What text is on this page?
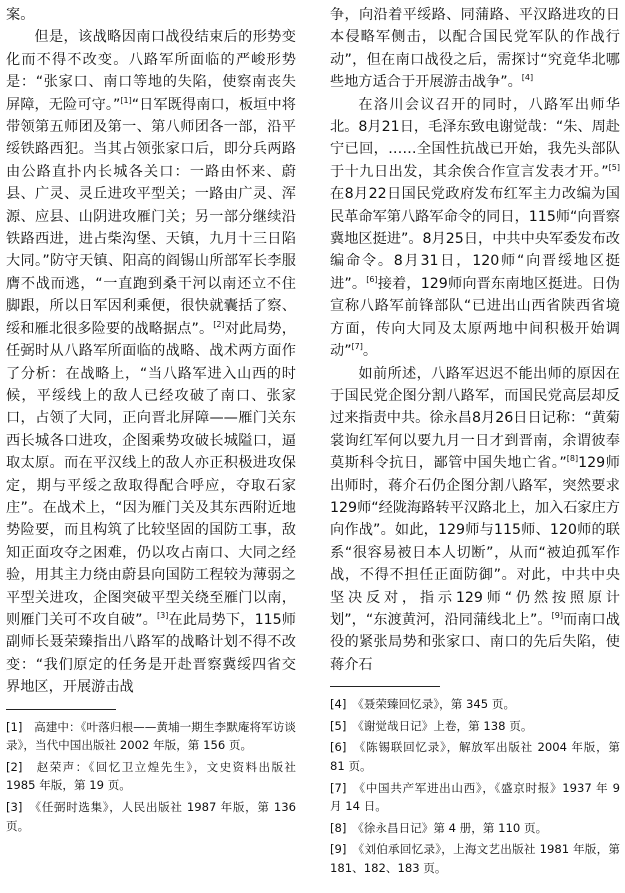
案。

但是，该战略因南口战役结束后的形势变化而不得不改变。八路军所面临的严峻形势是：“张家口、南口等地的失陷，使察南丧失屏障，无险可守。”[1]“日军既得南口，板垣中将带领第五师团及第一、第八师团各一部，沿平绥铁路西犯。当其占领张家口后，即分兵两路由公路直扑内长城各关口：一路由怀来、蔚县、广灵、灵丘进攻平型关；一路由广灵、浑源、应县、山阴进攻雁门关；另一部分继续沿铁路西进，进占柴沟堡、天镇，九月十三日陷大同。”防守天镇、阳高的阎锡山所部军长李服膺不战而逃，“一直跑到桑干河以南还立不住脚跟，所以日军因利乘便，很快就囊括了察、绥和雁北很多险要的战略据点”。[2]对此局势，任弼时从八路军所面临的战略、战术两方面作了分析：在战略上，“当八路军进入山西的时候，平绥线上的敌人已经攻破了南口、张家口，占领了大同，正向晋北屏障——雁门关东西长城各口进攻，企图乘势攻破长城隘口，逼取太原。而在平汉线上的敌人亦正积极进攻保定，期与平绥之敌取得配合呼应，夺取石家庄”。在战术上，“因为雁门关及其东西附近地势险要，而且构筑了比较坚固的国防工事，敌知正面攻夺之困难，仍以攻占南口、大同之经验，用其主力绕由蔚县向国防工程较为薄弱之平型关进攻，企图突破平型关绕至雁门以南，则雁门关可不攻自破”。[3]在此局势下，115师副师长聂荣臻指出八路军的战略计划不得不改变：“我们原定的任务是开赴晋察冀绥四省交界地区，开展游击战

[1]　高建中：《叶落归根——黄埔一期生李默庵将军访谈录》，当代中国出版社 2002 年版，第 156 页。

[2]　赵荣声：《回忆卫立煌先生》，文史资料出版社 1985 年版，第 19 页。

[3]　《任弼时选集》，人民出版社 1987 年版，第 136 页。

争，向沿着平绥路、同蒲路、平汉路进攻的日本侵略军侧击，以配合国民党军队的作战行动”，但在南口战役之后，需探讨“究竟华北哪些地方适合于开展游击战争”。[4]

在洛川会议召开的同时，八路军出师华北。8月21日，毛泽东致电谢觉哉：“朱、周赴宁已回，……全国性抗战已开始，我先头部队于十九日出发，其余俟合作宣言发表才开。”[5]在8月22日国民党政府发布红军主力改编为国民革命军第八路军命令的同日，115师“向晋察冀地区挺进”。8月25日，中共中央军委发布改编命令。8月31日，120师“向晋绥地区挺进”。[6]接着，129师向晋东南地区挺进。日伪宣称八路军前锋部队“已进出山西省陕西省境方面，传向大同及太原两地中间积极开始调动”[7]。

如前所述，八路军迟迟不能出师的原因在于国民党企图分割八路军，而国民党高层却反过来指责中共。徐永昌8月26日日记称：“黄菊裳询红军何以要九月一日才到晋南，余谓彼奉莫斯科令抗日，鄙管中国失地亡省。”[8]129师出师时，蒋介石仍企图分割八路军，突然要求129师“经陇海路转平汉路北上，加入石家庄方向作战”。如此，129师与115师、120师的联系“很容易被日本人切断”，从而“被迫孤军作战，不得不担任正面防御”。对此，中共中央坚决反对，指示129师“仍然按照原计划”，“东渡黄河，沿同蒲线北上”。[9]而南口战役的紧张局势和张家口、南口的先后失陷，使蒋介石

[4]　《聂荣臻回忆录》，第 345 页。

[5]　《谢觉哉日记》上卷，第 138 页。

[6]　《陈锡联回忆录》，解放军出版社 2004 年版，第 81 页。

[7]　《中国共产军进出山西》，《盛京时报》1937 年 9 月 14 日。

[8]　《徐永昌日记》第 4 册，第 110 页。

[9]　《刘伯承回忆录》，上海文艺出版社 1981 年版，第 181、182、183 页。
